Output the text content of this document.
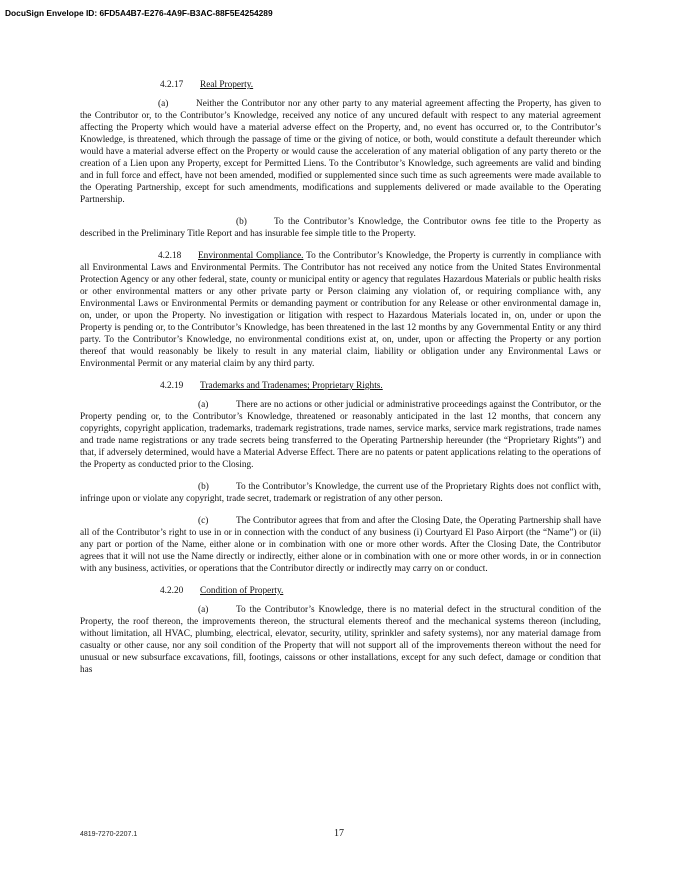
DocuSign Envelope ID: 6FD5A4B7-E276-4A9F-B3AC-88F5E4254289
4.2.17 Real Property.

(a)	Neither the Contributor nor any other party to any material agreement affecting the Property, has given to the Contributor or, to the Contributor’s Knowledge, received any notice of any uncured default with respect to any material agreement affecting the Property which would have a material adverse effect on the Property, and, no event has occurred or, to the Contributor’s Knowledge, is threatened, which through the passage of time or the giving of notice, or both, would constitute a default thereunder which would have a material adverse effect on the Property or would cause the acceleration of any material obligation of any party thereto or the creation of a Lien upon any Property, except for Permitted Liens. To the Contributor’s Knowledge, such agreements are valid and binding and in full force and effect, have not been amended, modified or supplemented since such time as such agreements were made available to the Operating Partnership, except for such amendments, modifications and supplements delivered or made available to the Operating Partnership.

(b)	To the Contributor’s Knowledge, the Contributor owns fee title to the Property as described in the Preliminary Title Report and has insurable fee simple title to the Property.

4.2.18 Environmental Compliance. To the Contributor’s Knowledge, the Property is currently in compliance with all Environmental Laws and Environmental Permits. The Contributor has not received any notice from the United States Environmental Protection Agency or any other federal, state, county or municipal entity or agency that regulates Hazardous Materials or public health risks or other environmental matters or any other private party or Person claiming any violation of, or requiring compliance with, any Environmental Laws or Environmental Permits or demanding payment or contribution for any Release or other environmental damage in, on, under, or upon the Property. No investigation or litigation with respect to Hazardous Materials located in, on, under or upon the Property is pending or, to the Contributor’s Knowledge, has been threatened in the last 12 months by any Governmental Entity or any third party. To the Contributor’s Knowledge, no environmental conditions exist at, on, under, upon or affecting the Property or any portion thereof that would reasonably be likely to result in any material claim, liability or obligation under any Environmental Laws or Environmental Permit or any material claim by any third party.

4.2.19 Trademarks and Tradenames; Proprietary Rights.

(a)	There are no actions or other judicial or administrative proceedings against the Contributor, or the Property pending or, to the Contributor’s Knowledge, threatened or reasonably anticipated in the last 12 months, that concern any copyrights, copyright application, trademarks, trademark registrations, trade names, service marks, service mark registrations, trade names and trade name registrations or any trade secrets being transferred to the Operating Partnership hereunder (the “Proprietary Rights”) and that, if adversely determined, would have a Material Adverse Effect. There are no patents or patent applications relating to the operations of the Property as conducted prior to the Closing.

(b)	To the Contributor’s Knowledge, the current use of the Proprietary Rights does not conflict with, infringe upon or violate any copyright, trade secret, trademark or registration of any other person.

(c)	The Contributor agrees that from and after the Closing Date, the Operating Partnership shall have all of the Contributor’s right to use in or in connection with the conduct of any business (i) Courtyard El Paso Airport (the “Name”) or (ii) any part or portion of the Name, either alone or in combination with one or more other words. After the Closing Date, the Contributor agrees that it will not use the Name directly or indirectly, either alone or in combination with one or more other words, in or in connection with any business, activities, or operations that the Contributor directly or indirectly may carry on or conduct.

4.2.20 Condition of Property.

(a)	To the Contributor’s Knowledge, there is no material defect in the structural condition of the Property, the roof thereon, the improvements thereon, the structural elements thereof and the mechanical systems thereon (including, without limitation, all HVAC, plumbing, electrical, elevator, security, utility, sprinkler and safety systems), nor any material damage from casualty or other cause, nor any soil condition of the Property that will not support all of the improvements thereon without the need for unusual or new subsurface excavations, fill, footings, caissons or other installations, except for any such defect, damage or condition that has

4819-7270-2207.1	17
